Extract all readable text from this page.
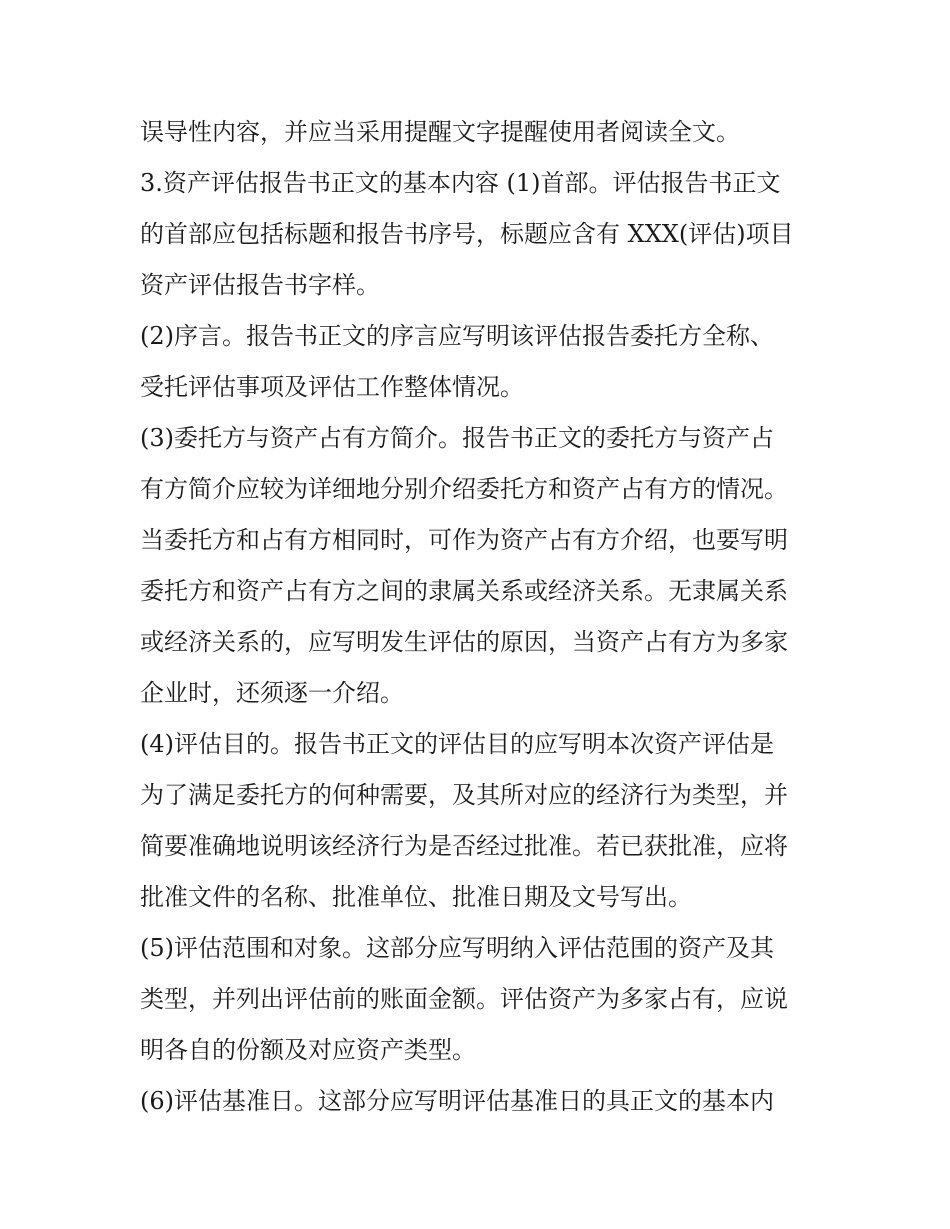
误导性内容，并应当采用提醒文字提醒使用者阅读全文。
3.资产评估报告书正文的基本内容 (1)首部。评估报告书正文
的首部应包括标题和报告书序号，标题应含有 XXX(评估)项目
资产评估报告书字样。
(2)序言。报告书正文的序言应写明该评估报告委托方全称、
受托评估事项及评估工作整体情况。
(3)委托方与资产占有方简介。报告书正文的委托方与资产占
有方简介应较为详细地分别介绍委托方和资产占有方的情况。
当委托方和占有方相同时，可作为资产占有方介绍，也要写明
委托方和资产占有方之间的隶属关系或经济关系。无隶属关系
或经济关系的，应写明发生评估的原因，当资产占有方为多家
企业时，还须逐一介绍。
(4)评估目的。报告书正文的评估目的应写明本次资产评估是
为了满足委托方的何种需要，及其所对应的经济行为类型，并
简要准确地说明该经济行为是否经过批准。若已获批准，应将
批准文件的名称、批准单位、批准日期及文号写出。
(5)评估范围和对象。这部分应写明纳入评估范围的资产及其
类型，并列出评估前的账面金额。评估资产为多家占有，应说
明各自的份额及对应资产类型。
(6)评估基准日。这部分应写明评估基准日的具正文的基本内
